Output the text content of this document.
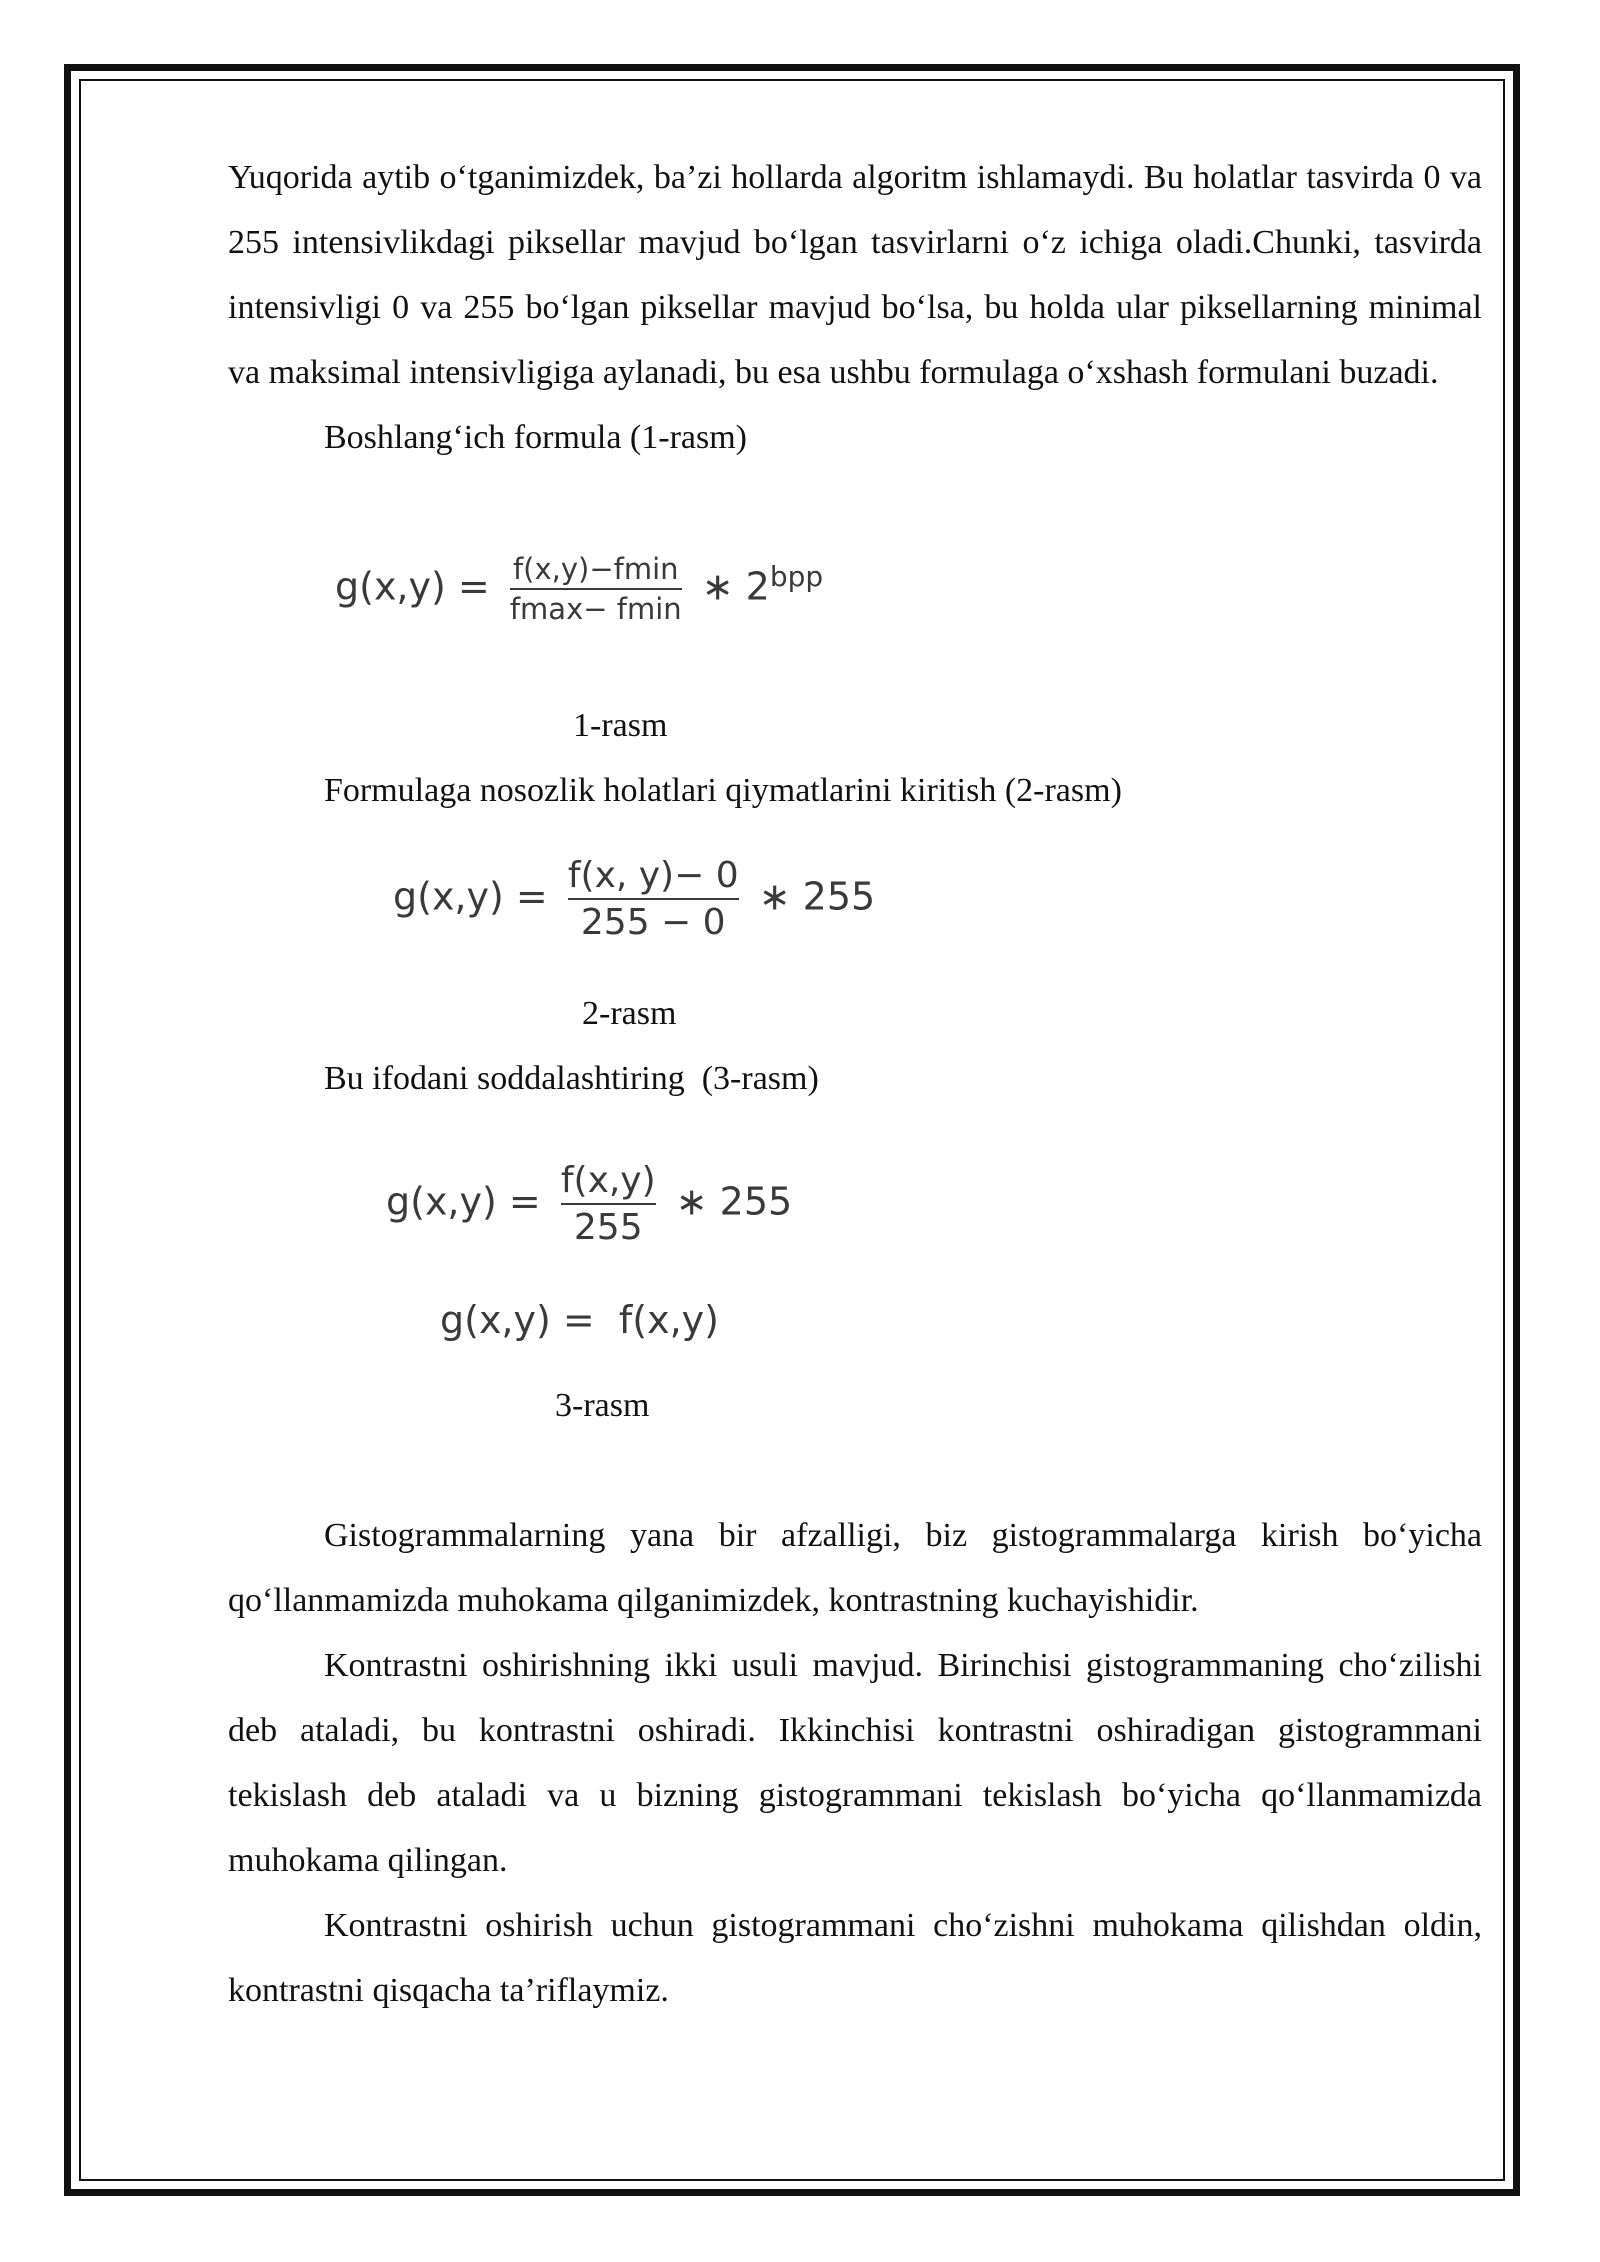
Yuqorida aytib o‘tganimizdek, ba’zi hollarda algoritm ishlamaydi. Bu holatlar tasvirda 0 va 255 intensivlikdagi piksellar mavjud bo‘lgan tasvirlarni o‘z ichiga oladi.Chunki, tasvirda intensivligi 0 va 255 bo‘lgan piksellar mavjud bo‘lsa, bu holda ular piksellarning minimal va maksimal intensivligiga aylanadi, bu esa ushbu formulaga o‘xshash formulani buzadi.

Boshlang‘ich formula (1-rasm)

$g(x,y) = \frac{f(x,y)-fmin}{fmax- fmin}$ ∗ $2^{bpp}$
1-rasm
Formulaga nosozlik holatlari qiymatlarini kiritish (2-rasm)
$g(x,y) = \frac{f(x, y)- 0}{255 - 0}$ ∗ 255
2-rasm
Bu ifodani soddalashtiring  (3-rasm)
$g(x,y) = \frac{f(x,y)}{255}$ ∗ 255
g(x,y) =  f(x,y)
3-rasm

Gistogrammalarning yana bir afzalligi, biz gistogrammalarga kirish bo‘yicha qo‘llanmamizda muhokama qilganimizdek, kontrastning kuchayishidir.

Kontrastni oshirishning ikki usuli mavjud. Birinchisi gistogrammaning cho‘zilishi deb ataladi, bu kontrastni oshiradi. Ikkinchisi kontrastni oshiradigan gistogrammani tekislash deb ataladi va u bizning gistogrammani tekislash bo‘yicha qo‘llanmamizda muhokama qilingan.

Kontrastni oshirish uchun gistogrammani cho‘zishni muhokama qilishdan oldin, kontrastni qisqacha ta’riflaymiz.
